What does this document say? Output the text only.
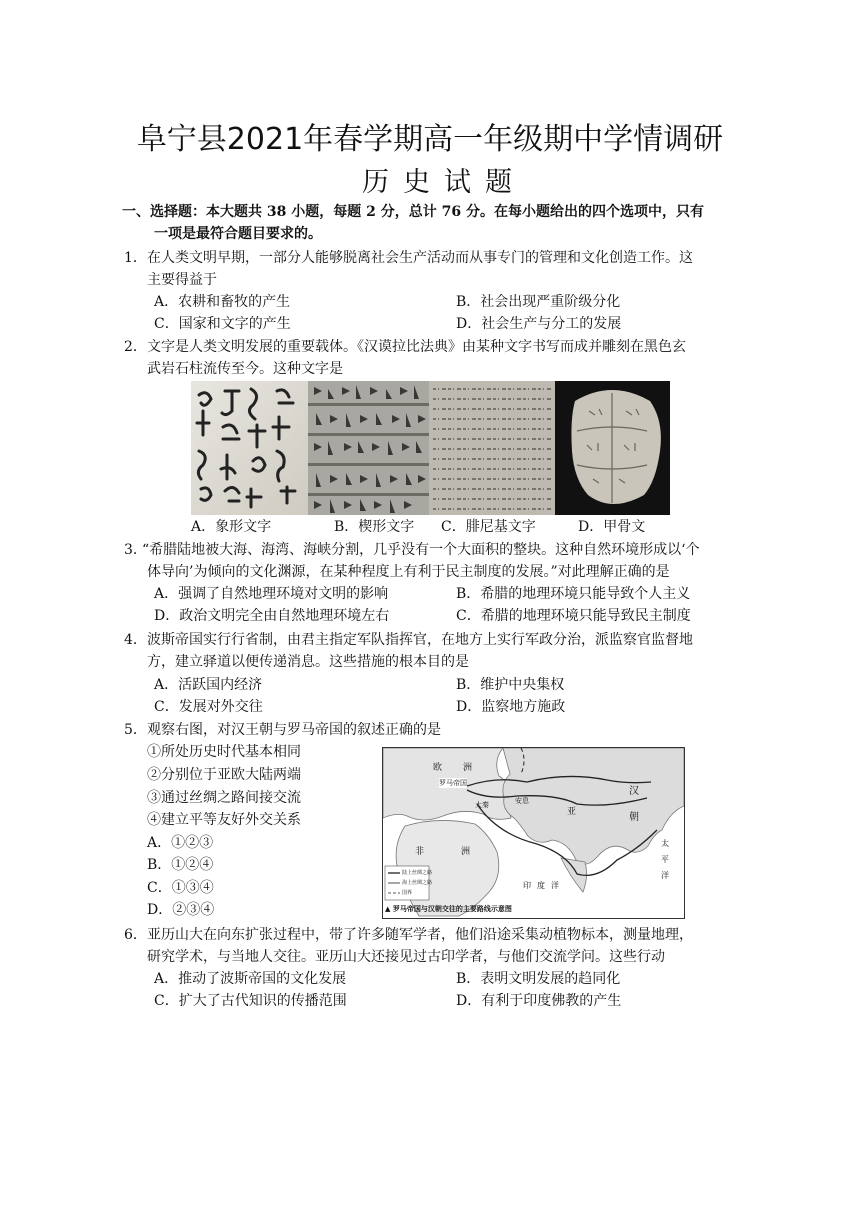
阜宁县2021年春学期高一年级期中学情调研
历史试题
一、选择题：本大题共 38 小题，每题 2 分，总计 76 分。在每小题给出的四个选项中，只有
一项是最符合题目要求的。
1． 在人类文明早期，一部分人能够脱离社会生产活动而从事专门的管理和文化创造工作。这
主要得益于
A．农耕和畜牧的产生	B．社会出现严重阶级分化
C．国家和文字的产生	D．社会生产与分工的发展
2． 文字是人类文明发展的重要载体。《汉谟拉比法典》由某种文字书写而成并雕刻在黑色玄
武岩石柱流传至今。这种文字是
A．象形文字	B．楔形文字 C．腓尼基文字	D．甲骨文
3．
“希腊陆地被大海、海湾、海峡分割，几乎没有一个大面积的整块。这种自然环境形成以‘个
体导向’为倾向的文化渊源，在某种程度上有利于民主制度的发展。”对此理解正确的是
A．强调了自然地理环境对文明的影响	B．希腊的地理环境只能导致个人主义
D．政治文明完全由自然地理环境左右	C．希腊的地理环境只能导致民主制度
4． 波斯帝国实行行省制，由君主指定军队指挥官，在地方上实行军政分治，派监察官监督地
方，建立驿道以便传递消息。这些措施的根本目的是
A．活跃国内经济	B．维护中央集权
C．发展对外交往	D．监察地方施政
5． 观察右图，对汉王朝与罗马帝国的叙述正确的是
①所处历史时代基本相同
②分别位于亚欧大陆两端
③通过丝绸之路间接交流
④建立平等友好外交关系
A．①②③
B．①②④
C．①③④
D．②③④
欧 洲
罗马帝国
安息
大秦
汉
朝
非	洲
亚
太
平
洋
印度洋
陆上丝绸之路
海上丝绸之路
国界
▲ 罗马帝国与汉朝交往的主要路线示意图
6． 亚历山大在向东扩张过程中，带了许多随军学者，他们沿途采集动植物标本，测量地理，
研究学术，与当地人交往。亚历山大还接见过古印学者，与他们交流学问。这些行动
A．推动了波斯帝国的文化发展	B．表明文明发展的趋同化
C．扩大了古代知识的传播范围	D．有利于印度佛教的产生
